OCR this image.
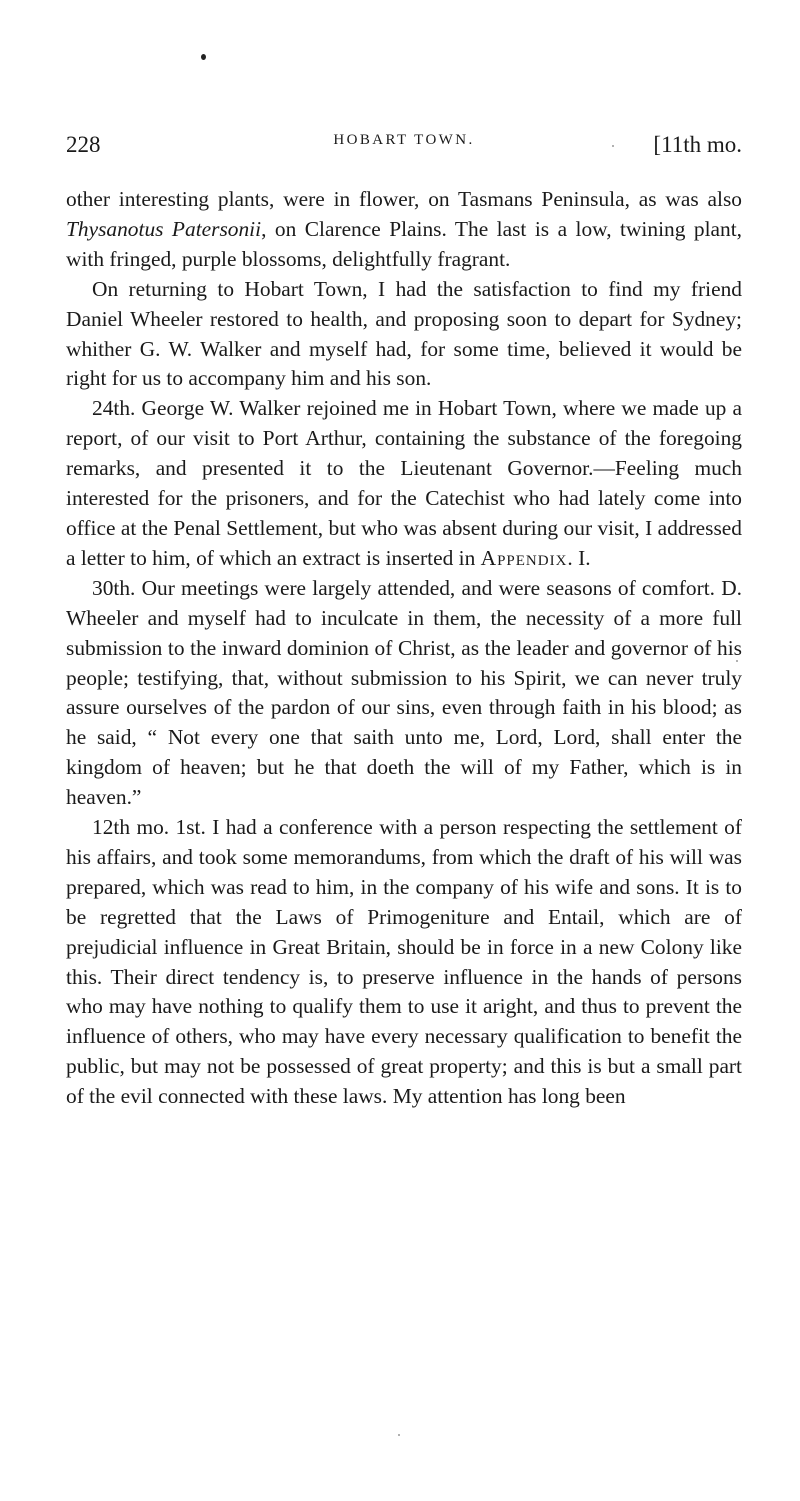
228	HOBART TOWN.	[11th mo.

other interesting plants, were in flower, on Tasmans Peninsula, as was also Thysanotus Patersonii, on Clarence Plains. The last is a low, twining plant, with fringed, purple blossoms, delightfully fragrant.

On returning to Hobart Town, I had the satisfaction to find my friend Daniel Wheeler restored to health, and proposing soon to depart for Sydney; whither G. W. Walker and myself had, for some time, believed it would be right for us to accompany him and his son.

24th. George W. Walker rejoined me in Hobart Town, where we made up a report, of our visit to Port Arthur, containing the substance of the foregoing remarks, and presented it to the Lieutenant Governor.—Feeling much interested for the prisoners, and for the Catechist who had lately come into office at the Penal Settlement, but who was absent during our visit, I addressed a letter to him, of which an extract is inserted in Appendix. I.

30th. Our meetings were largely attended, and were seasons of comfort. D. Wheeler and myself had to inculcate in them, the necessity of a more full submission to the inward dominion of Christ, as the leader and governor of his people; testifying, that, without submission to his Spirit, we can never truly assure ourselves of the pardon of our sins, even through faith in his blood; as he said, “ Not every one that saith unto me, Lord, Lord, shall enter the kingdom of heaven; but he that doeth the will of my Father, which is in heaven.”

12th mo. 1st. I had a conference with a person respecting the settlement of his affairs, and took some memorandums, from which the draft of his will was prepared, which was read to him, in the company of his wife and sons. It is to be regretted that the Laws of Primogeniture and Entail, which are of prejudicial influence in Great Britain, should be in force in a new Colony like this. Their direct tendency is, to preserve influence in the hands of persons who may have nothing to qualify them to use it aright, and thus to prevent the influence of others, who may have every necessary qualification to benefit the public, but may not be possessed of great property; and this is but a small part of the evil connected with these laws. My attention has long been
